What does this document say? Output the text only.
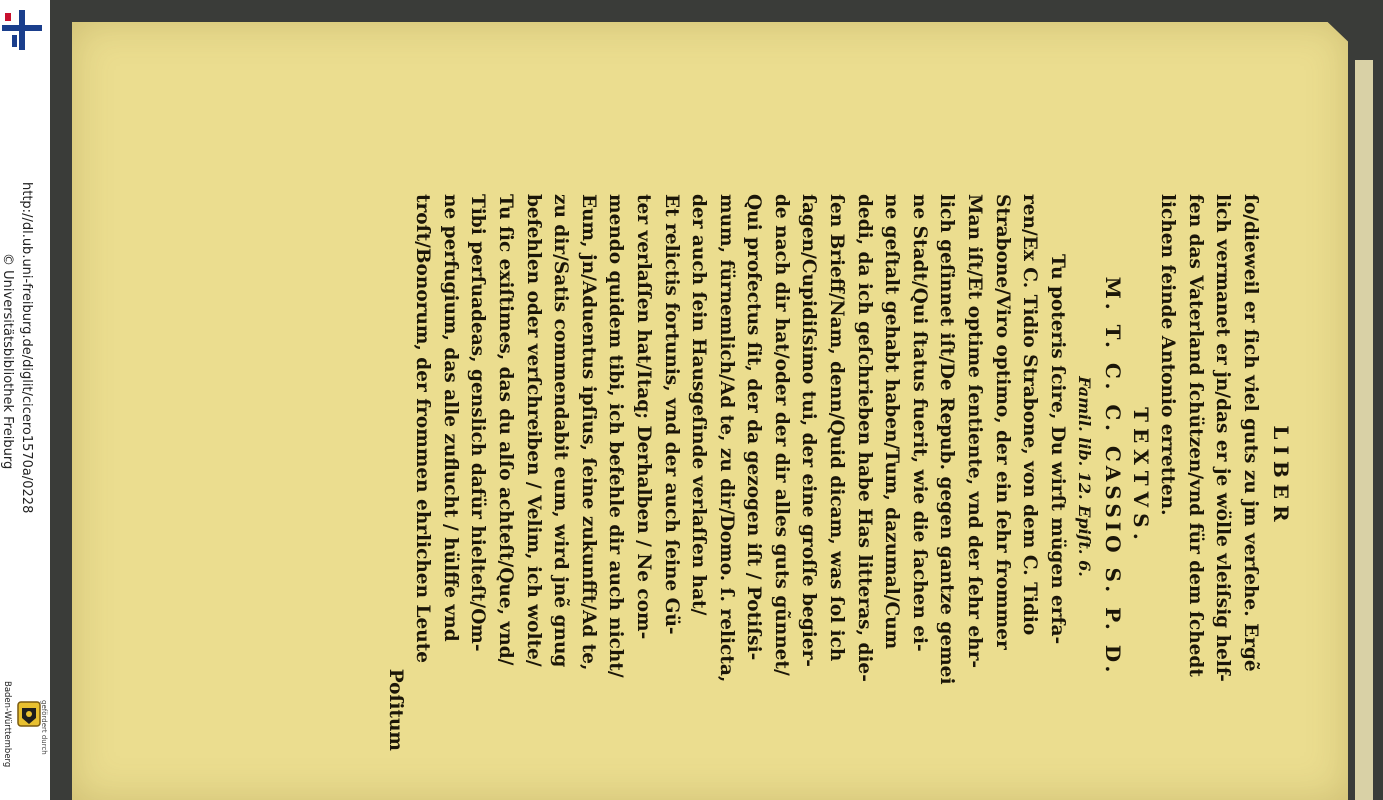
http://dl.ub.uni-freiburg.de/diglit/cicero1570a/0228
© Universitätsbibliothek Freiburg
gefördert durch
Baden-Württemberg
LIBER
ſo/dieweil er ſich viel guts zu jm verſehe. Ergẽ
lich vermanet er jn/das er je wölle vleiſsig helf-
fen das Vaterland ſchützen/vnd für dem ſchedt
lichen feinde Antonio erretten.
TEXTVS.
M. T. C. C. CASSIO S. P. D.
Famil. lib. 12. Epiſt. 6.
Tu poteris ſcire, Du wirſt mügen erfa-
ren/Ex C. Tidio Strabone, von dem C. Tidio
Strabone/Viro optimo, der ein ſehr frommer
Man iſt/Et optime ſentiente, vnd der ſehr ehr-
lich geſinnet iſt/De Repub. gegen gantze gemei
ne Stadt/Qui ſtatus fuerit, wie die ſachen ei-
ne geſtalt gehabt haben/Tum, dazumal/Cum
dedi, da ich geſchrieben habe Has litteras, die-
ſen Brieff/Nam, denn/Quid dicam, was ſol ich
ſagen/Cupidiſsimo tui, der eine groſſe begier-
de nach dir hat/oder der dir alles guts gũnnet/
Qui profectus ſit, der da gezogen iſt / Potiſsi-
mum, fürnemlich/Ad te, zu dir/Domo. ſ. relicta,
der auch ſein Hausgeſinde verlaſſen hat/
Et relictis fortunis, vnd der auch ſeine Gü-
ter verlaſſen hat/Itaq; Derhalben / Ne com-
mendo quidem tibi, ich befehle dir auch nicht/
Eum, jn/Aduentus ipſius, ſeine zukunfft/Ad te,
zu dir/Satis commendabit eum, wird jnẽ gnug
befehlen oder verſchreiben / Velim, ich wolte/
Tu ſic exiſtimes, das du alſo achteſt/Que, vnd/
Tibi perſuadeas, genslich dafür hielteſt/Om-
ne perfugium, das alle zuflucht / hülffe vnd
troſt/Bonorum, der frommen ehrlichen Leute
Poſitum
